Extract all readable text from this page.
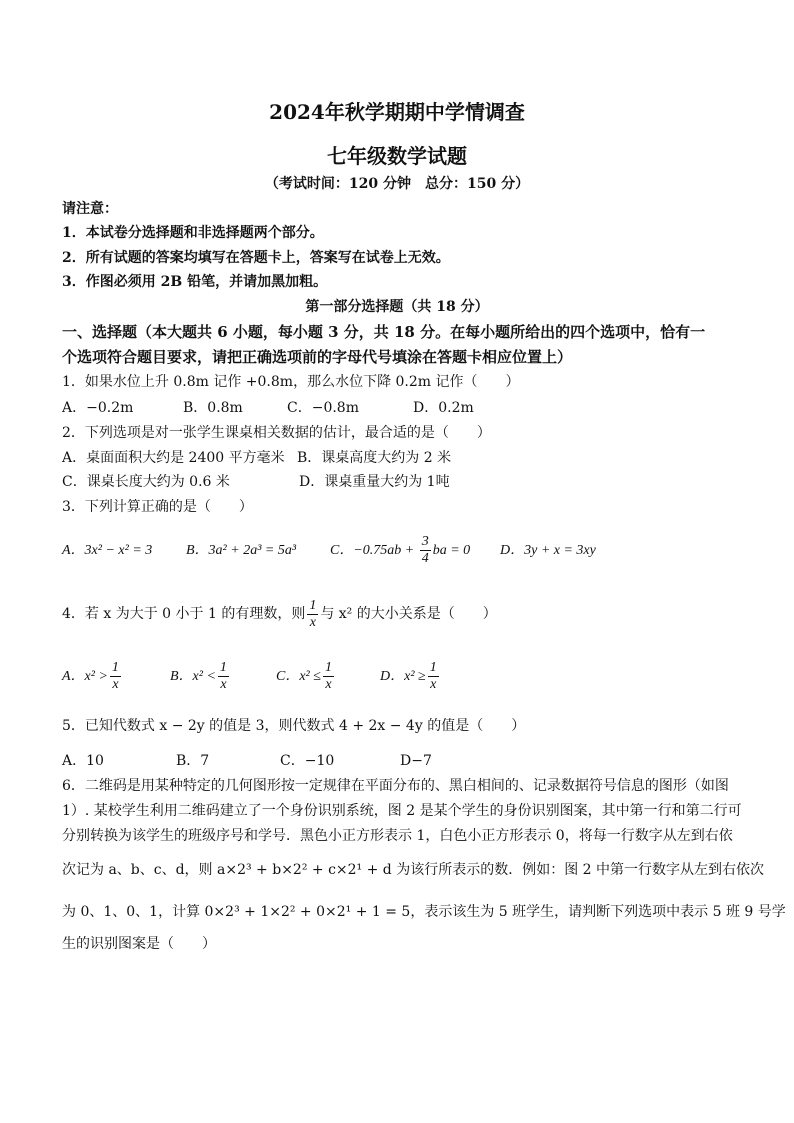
2024年秋学期期中学情调查
七年级数学试题
（考试时间：120 分钟　总分：150 分）
请注意：
1．本试卷分选择题和非选择题两个部分。
2．所有试题的答案均填写在答题卡上，答案写在试卷上无效。
3．作图必须用 2B 铅笔，并请加黑加粗。
第一部分选择题（共 18 分）
一、选择题（本大题共 6 小题，每小题 3 分，共 18 分。在每小题所给出的四个选项中，恰有一
个选项符合题目要求，请把正确选项前的字母代号填涂在答题卡相应位置上）
1．如果水位上升 0.8m 记作 +0.8m，那么水位下降 0.2m 记作（　　）
A．−0.2m	B．0.8m	C．−0.8m	D．0.2m
2．下列选项是对一张学生课桌相关数据的估计，最合适的是（　　）
A．桌面面积大约是 2400 平方毫米 B．课桌高度大约为 2 米
C．课桌长度大约为 0.6 米	D．课桌重量大约为 1吨
3．下列计算正确的是（　　）
A．3x² − x² = 3 B．3a² + 2a³ = 5a³ C．$-0.75ab + \frac{3}{4}$ ba = 0 D．3y + x = 3xy
4．若 x 为大于 0 小于 1 的有理数，则 $\frac{1}{x}$ 与 x² 的大小关系是（　　）
A．$x^2 > \frac{1}{x}$	B．$x^2 < \frac{1}{x}$	C．$x^2 \le \frac{1}{x}$	D．$x^2 \ge \frac{1}{x}$
5．已知代数式 x − 2y 的值是 3，则代数式 4 + 2x − 4y 的值是（　　）
A．10	B．7	C．−10	D−7
6．二维码是用某种特定的几何图形按一定规律在平面分布的、黑白相间的、记录数据符号信息的图形（如图
1）. 某校学生利用二维码建立了一个身份识别系统，图 2 是某个学生的身份识别图案，其中第一行和第二行可
分别转换为该学生的班级序号和学号．黑色小正方形表示 1，白色小正方形表示 0，将每一行数字从左到右依
次记为 a、b、c、d，则 a×2³ + b×2² + c×2¹ + d 为该行所表示的数．例如：图 2 中第一行数字从左到右依次
为 0、1、0、1，计算 0×2³ + 1×2² + 0×2¹ + 1 = 5，表示该生为 5 班学生，请判断下列选项中表示 5 班 9 号学
生的识别图案是（　　）
